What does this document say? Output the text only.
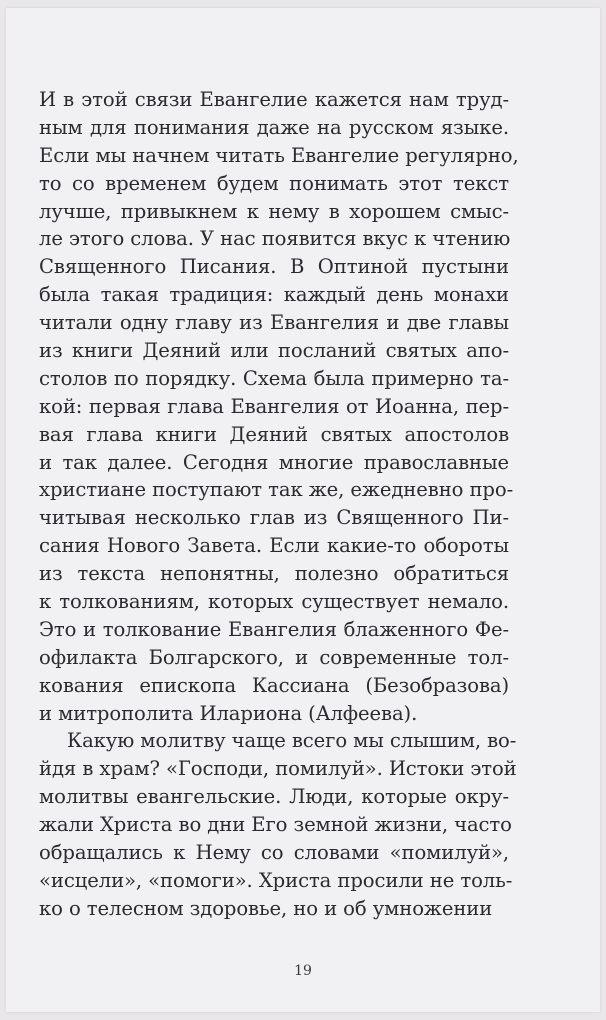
И в этой связи Евангелие кажется нам труд-
ным для понимания даже на русском языке.
Если мы начнем читать Евангелие регулярно,
то со временем будем понимать этот текст
лучше, привыкнем к нему в хорошем смыс-
ле этого слова. У нас появится вкус к чтению
Священного Писания. В Оптиной пустыни
была такая традиция: каждый день монахи
читали одну главу из Евангелия и две главы
из книги Деяний или посланий святых апо-
столов по порядку. Схема была примерно та-
кой: первая глава Евангелия от Иоанна, пер-
вая глава книги Деяний святых апостолов
и так далее. Сегодня многие православные
христиане поступают так же, ежедневно про-
читывая несколько глав из Священного Пи-
сания Нового Завета. Если какие-то обороты
из текста непонятны, полезно обратиться
к толкованиям, которых существует немало.
Это и толкование Евангелия блаженного Фе-
офилакта Болгарского, и современные тол-
кования епископа Кассиана (Безобразова)
и митрополита Илариона (Алфеева).
Какую молитву чаще всего мы слышим, во-
йдя в храм? «Господи, помилуй». Истоки этой
молитвы евангельские. Люди, которые окру-
жали Христа во дни Его земной жизни, часто
обращались к Нему со словами «помилуй»,
«исцели», «помоги». Христа просили не толь-
ко о телесном здоровье, но и об умножении
19
